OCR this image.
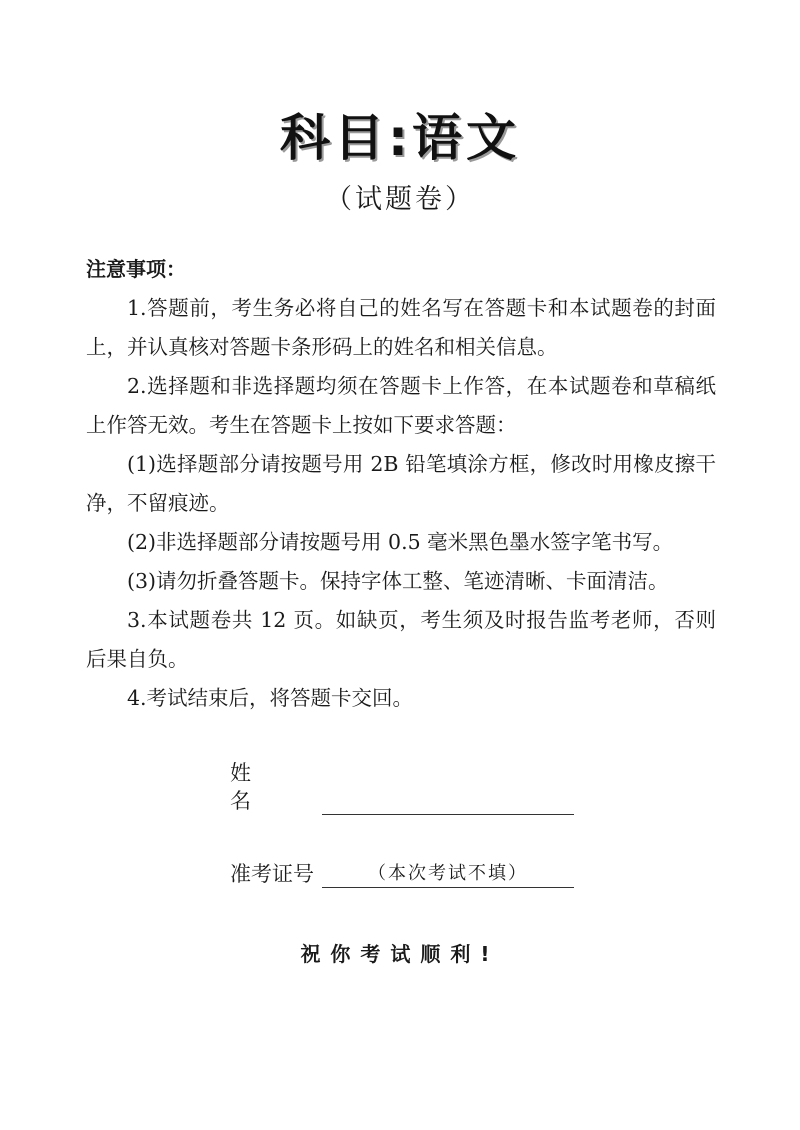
科目:语文
（试题卷）
注意事项：

1.答题前，考生务必将自己的姓名写在答题卡和本试题卷的封面上，并认真核对答题卡条形码上的姓名和相关信息。

2.选择题和非选择题均须在答题卡上作答，在本试题卷和草稿纸上作答无效。考生在答题卡上按如下要求答题：

(1)选择题部分请按题号用 2B 铅笔填涂方框，修改时用橡皮擦干净，不留痕迹。

(2)非选择题部分请按题号用 0.5 毫米黑色墨水签字笔书写。

(3)请勿折叠答题卡。保持字体工整、笔迹清晰、卡面清洁。

3.本试题卷共 12 页。如缺页，考生须及时报告监考老师，否则后果自负。

4.考试结束后，将答题卡交回。

姓名
准考证号	（本次考试不填）
祝你考试顺利!
